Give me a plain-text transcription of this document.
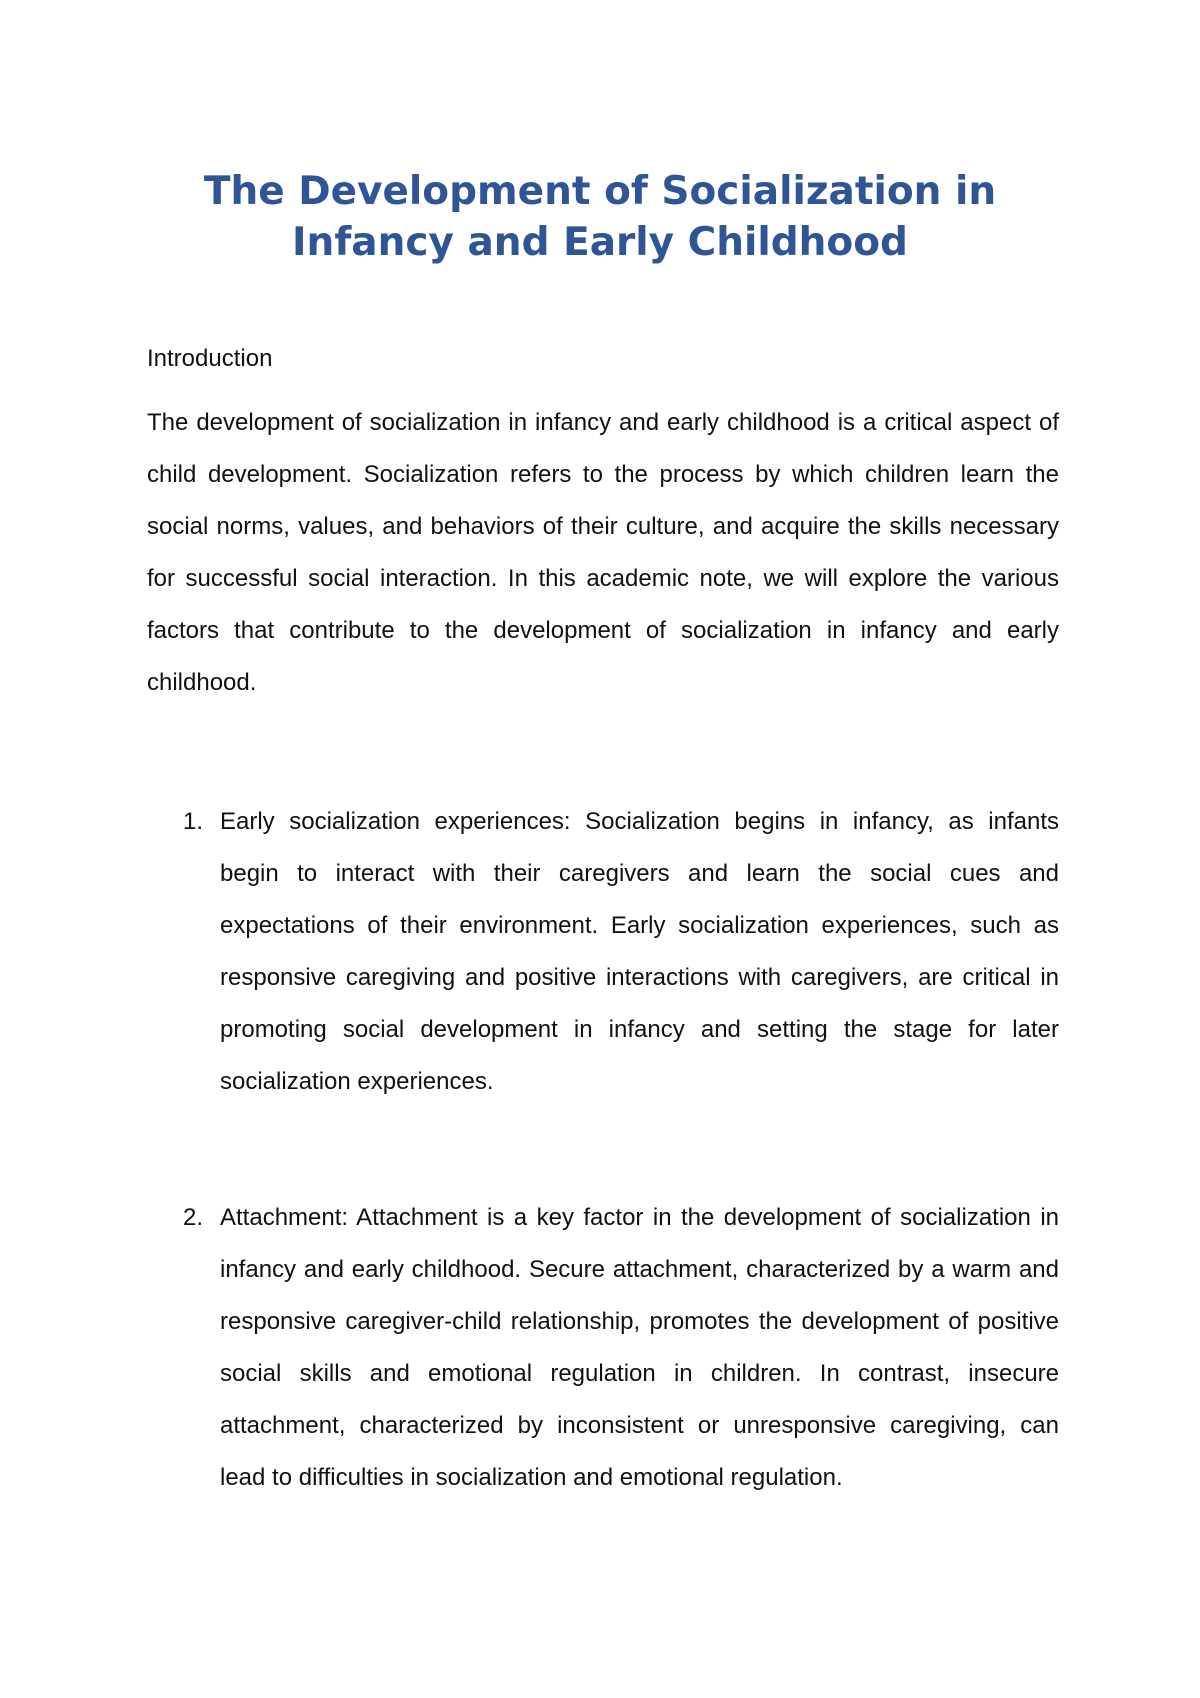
The Development of Socialization in Infancy and Early Childhood

Introduction

The development of socialization in infancy and early childhood is a critical aspect of child development. Socialization refers to the process by which children learn the social norms, values, and behaviors of their culture, and acquire the skills necessary for successful social interaction. In this academic note, we will explore the various factors that contribute to the development of socialization in infancy and early childhood.

1. Early socialization experiences: Socialization begins in infancy, as infants begin to interact with their caregivers and learn the social cues and expectations of their environment. Early socialization experiences, such as responsive caregiving and positive interactions with caregivers, are critical in promoting social development in infancy and setting the stage for later socialization experiences.
2. Attachment: Attachment is a key factor in the development of socialization in infancy and early childhood. Secure attachment, characterized by a warm and responsive caregiver-child relationship, promotes the development of positive social skills and emotional regulation in children. In contrast, insecure attachment, characterized by inconsistent or unresponsive caregiving, can lead to difficulties in socialization and emotional regulation.
